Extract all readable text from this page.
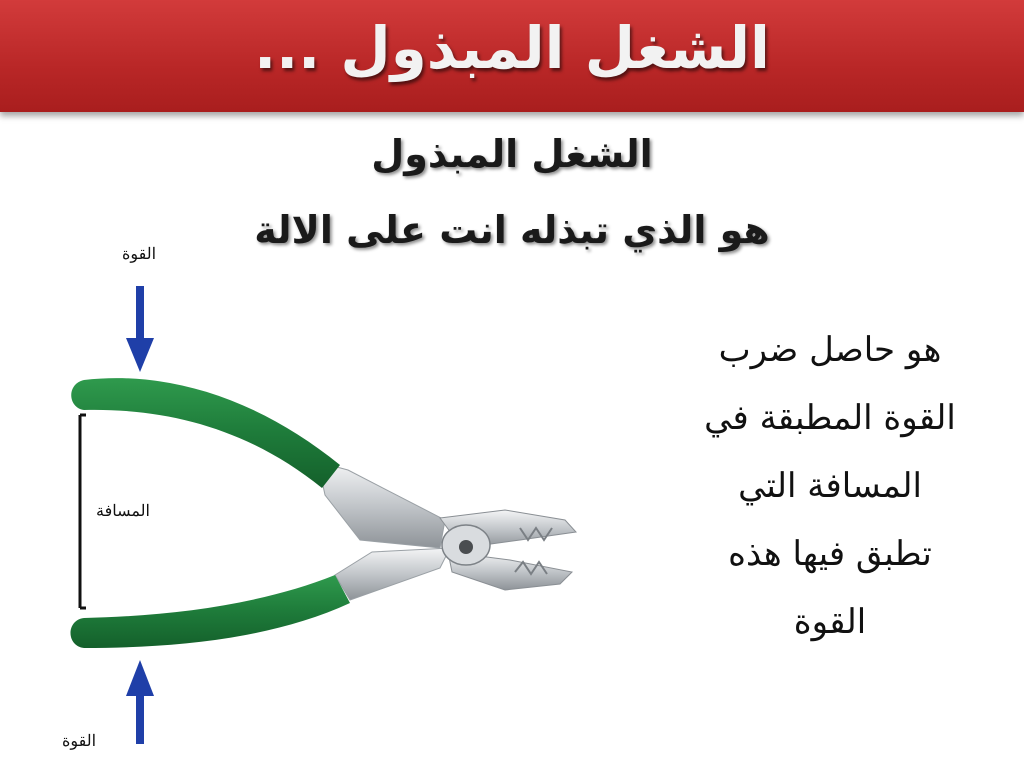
الشغل المبذول ...
الشغل المبذول
هو الذي تبذله انت على الالة
هو حاصل ضرب
القوة المطبقة في
المسافة التي
تطبق فيها هذه
القوة
القوة
المسافة
القوة
